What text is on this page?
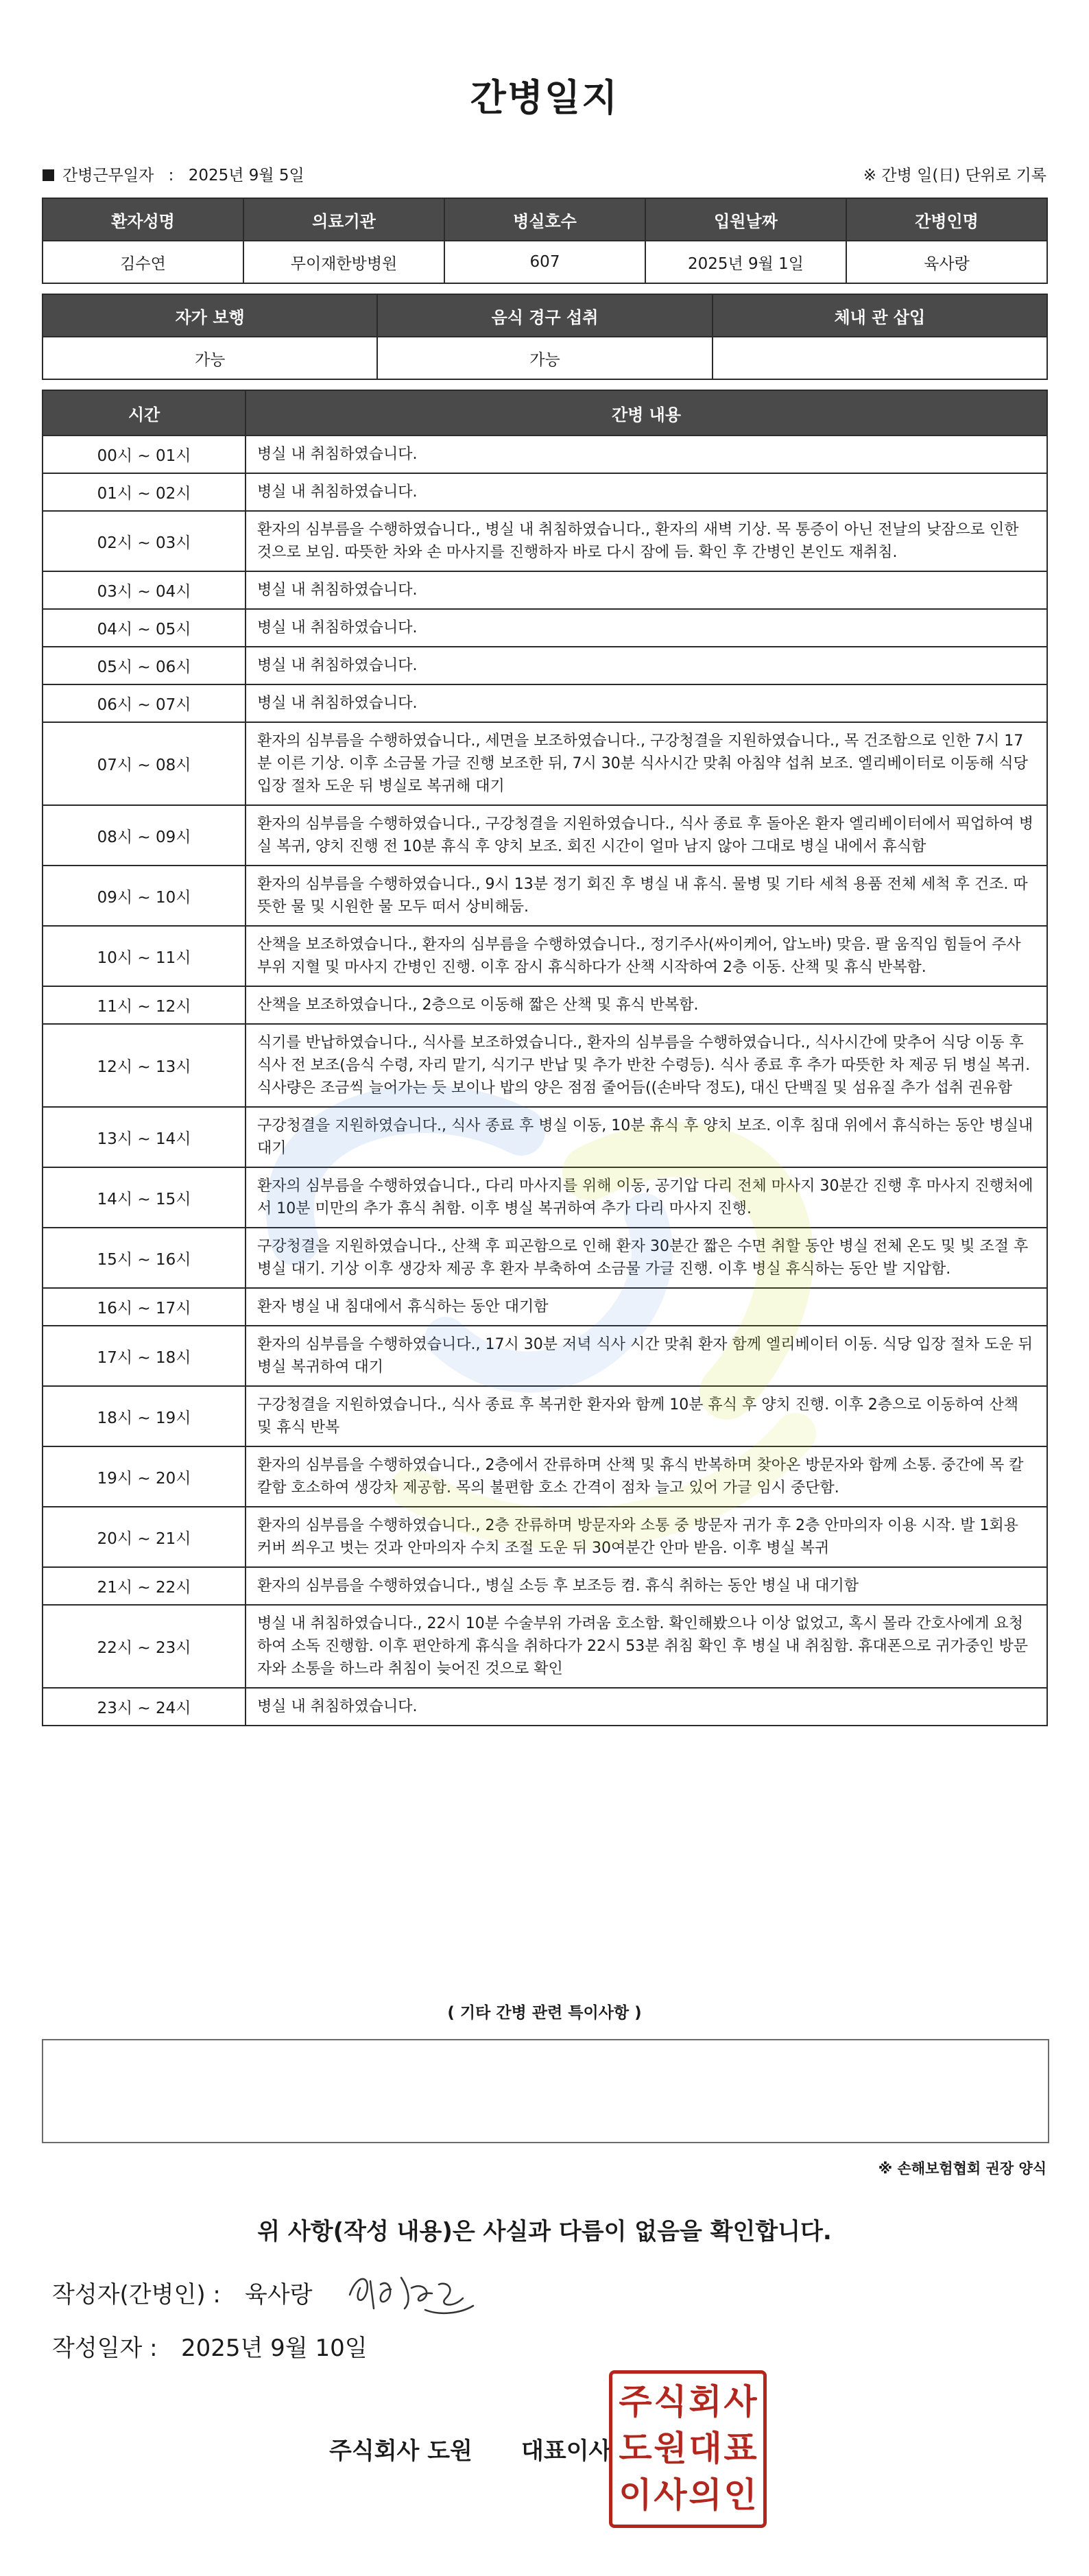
간병일지
간병근무일자 : 2025년 9월 5일	※ 간병 일(日) 단위로 기록
환자성명	의료기관	병실호수	입원날짜	간병인명
김수연	무이재한방병원	607	2025년 9월 1일	육사랑
자가 보행	음식 경구 섭취	체내 관 삽입
가능	가능	
시간	간병 내용
00시 ~ 01시	병실 내 취침하였습니다.
01시 ~ 02시	병실 내 취침하였습니다.
02시 ~ 03시	환자의 심부름을 수행하였습니다., 병실 내 취침하였습니다., 환자의 새벽 기상. 목 통증이 아닌 전날의 낮잠으로 인한 것으로 보임. 따뜻한 차와 손 마사지를 진행하자 바로 다시 잠에 듬. 확인 후 간병인 본인도 재취침.
03시 ~ 04시	병실 내 취침하였습니다.
04시 ~ 05시	병실 내 취침하였습니다.
05시 ~ 06시	병실 내 취침하였습니다.
06시 ~ 07시	병실 내 취침하였습니다.
07시 ~ 08시	환자의 심부름을 수행하였습니다., 세면을 보조하였습니다., 구강청결을 지원하였습니다., 목 건조함으로 인한 7시 17분 이른 기상. 이후 소금물 가글 진행 보조한 뒤, 7시 30분 식사시간 맞춰 아침약 섭취 보조. 엘리베이터로 이동해 식당 입장 절차 도운 뒤 병실로 복귀해 대기
08시 ~ 09시	환자의 심부름을 수행하였습니다., 구강청결을 지원하였습니다., 식사 종료 후 돌아온 환자 엘리베이터에서 픽업하여 병실 복귀, 양치 진행 전 10분 휴식 후 양치 보조. 회진 시간이 얼마 남지 않아 그대로 병실 내에서 휴식함
09시 ~ 10시	환자의 심부름을 수행하였습니다., 9시 13분 정기 회진 후 병실 내 휴식. 물병 및 기타 세척 용품 전체 세척 후 건조. 따뜻한 물 및 시원한 물 모두 떠서 상비해둠.
10시 ~ 11시	산책을 보조하였습니다., 환자의 심부름을 수행하였습니다., 정기주사(싸이케어, 압노바) 맞음. 팔 움직임 힘들어 주사 부위 지혈 및 마사지 간병인 진행. 이후 잠시 휴식하다가 산책 시작하여 2층 이동. 산책 및 휴식 반복함.
11시 ~ 12시	산책을 보조하였습니다., 2층으로 이동해 짧은 산책 및 휴식 반복함.
12시 ~ 13시	식기를 반납하였습니다., 식사를 보조하였습니다., 환자의 심부름을 수행하였습니다., 식사시간에 맞추어 식당 이동 후 식사 전 보조(음식 수령, 자리 맡기, 식기구 반납 및 추가 반찬 수령등). 식사 종료 후 추가 따뜻한 차 제공 뒤 병실 복귀. 식사량은 조금씩 늘어가는 듯 보이나 밥의 양은 점점 줄어듬((손바닥 정도), 대신 단백질 및 섬유질 추가 섭취 권유함
13시 ~ 14시	구강청결을 지원하였습니다., 식사 종료 후 병실 이동, 10분 휴식 후 양치 보조. 이후 침대 위에서 휴식하는 동안 병실내 대기
14시 ~ 15시	환자의 심부름을 수행하였습니다., 다리 마사지를 위해 이동, 공기압 다리 전체 마사지 30분간 진행 후 마사지 진행처에서 10분 미만의 추가 휴식 취함. 이후 병실 복귀하여 추가 다리 마사지 진행.
15시 ~ 16시	구강청결을 지원하였습니다., 산책 후 피곤함으로 인해 환자 30분간 짧은 수면 취할 동안 병실 전체 온도 및 빛 조절 후 병실 대기. 기상 이후 생강차 제공 후 환자 부축하여 소금물 가글 진행. 이후 병실 휴식하는 동안 발 지압함.
16시 ~ 17시	환자 병실 내 침대에서 휴식하는 동안 대기함
17시 ~ 18시	환자의 심부름을 수행하였습니다., 17시 30분 저녁 식사 시간 맞춰 환자 함께 엘리베이터 이동. 식당 입장 절차 도운 뒤 병실 복귀하여 대기
18시 ~ 19시	구강청결을 지원하였습니다., 식사 종료 후 복귀한 환자와 함께 10분 휴식 후 양치 진행. 이후 2층으로 이동하여 산책 및 휴식 반복
19시 ~ 20시	환자의 심부름을 수행하였습니다., 2층에서 잔류하며 산책 및 휴식 반복하며 찾아온 방문자와 함께 소통. 중간에 목 칼칼함 호소하여 생강차 제공함. 목의 불편함 호소 간격이 점차 늘고 있어 가글 임시 중단함.
20시 ~ 21시	환자의 심부름을 수행하였습니다., 2층 잔류하며 방문자와 소통 중 방문자 귀가 후 2층 안마의자 이용 시작. 발 1회용 커버 씌우고 벗는 것과 안마의자 수치 조절 도운 뒤 30여분간 안마 받음. 이후 병실 복귀
21시 ~ 22시	환자의 심부름을 수행하였습니다., 병실 소등 후 보조등 켬. 휴식 취하는 동안 병실 내 대기함
22시 ~ 23시	병실 내 취침하였습니다., 22시 10분 수술부위 가려움 호소함. 확인해봤으나 이상 없었고, 혹시 몰라 간호사에게 요청하여 소독 진행함. 이후 편안하게 휴식을 취하다가 22시 53분 취침 확인 후 병실 내 취침함. 휴대폰으로 귀가중인 방문자와 소통을 하느라 취침이 늦어진 것으로 확인
23시 ~ 24시	병실 내 취침하였습니다.
( 기타 간병 관련 특이사항 )
※ 손해보험협회 권장 양식
위 사항(작성 내용)은 사실과 다름이 없음을 확인합니다.
작성자(간병인) : 육사랑
작성일자 : 2025년 9월 10일
주식회사 도원 대표이사
주 식 회 사
도 원 대 표
이 사 의 인
